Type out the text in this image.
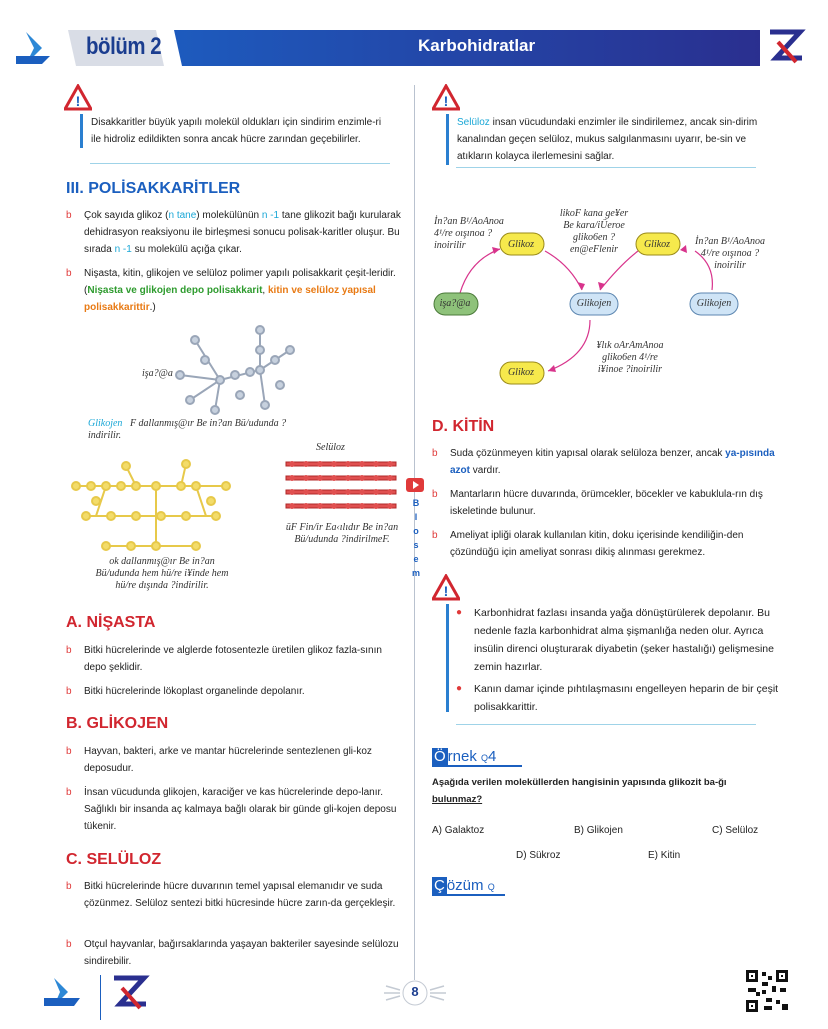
bölüm 2	Karbohidratlar
!
Disakkaritler büyük yapılı molekül oldukları için sindirim enzimle-ri ile hidroliz edildikten sonra ancak hücre zarından geçebilirler.
III. POLİSAKKARİTLER
b Çok sayıda glikoz (n tane) molekülünün n -1 tane glikozit bağı kurularak dehidrasyon reaksiyonu ile birleşmesi sonucu polisak-karitler oluşur. Bu sırada n -1 su molekülü açığa çıkar.
b Nişasta, kitin, glikojen ve selüloz polimer yapılı polisakkarit çeşit-leridir. (Nişasta ve glikojen depo polisakkarit, kitin ve selüloz yapısal polisakkarittir.)
işa?@a
Glikojen F dallanmış@ır Be in?an Bü/udunda ?indirilir.
ok dallanmış@ır Be in?an Bü/udunda hem hü/re i¥inde hem hü/re dışında ?indirilir.
Selüloz
üF Fin/ir Ea‹ılıdır Be in?an Bü/udunda ?indirilmeF.
A. NİŞASTA
b Bitki hücrelerinde ve alglerde fotosentezle üretilen glikoz fazla-sının depo şeklidir.
b Bitki hücrelerinde lökoplast organelinde depolanır.
B. GLİKOJEN
b Hayvan, bakteri, arke ve mantar hücrelerinde sentezlenen gli-koz deposudur.
b İnsan vücudunda glikojen, karaciğer ve kas hücrelerinde depo-lanır. Sağlıklı bir insanda aç kalmaya bağlı olarak bir günde gli-kojen deposu tükenir.
C. SELÜLOZ
b Bitki hücrelerinde hücre duvarının temel yapısal elemanıdır ve suda çözünmez. Selüloz sentezi bitki hücresinde hücre zarın-da gerçekleşir.
b Otçul hayvanlar, bağırsaklarında yaşayan bakteriler sayesinde selülozu sindirebilir.
B
l
o
s
e
m
!
Selüloz insan vücudundaki enzimler ile sindirilemez, ancak sin-dirim kanalından geçen selüloz, mukus salgılanmasını uyarır, be-sin ve atıkların kolayca ilerlemesini sağlar.
Glikoz	Glikoz
işa?@a	Glikojen	Glikojen
Glikoz
İn?an B¹/AoAnoa 4¹/re oışınoa ?inoirilir
likoF kana ge¥er Be kara/iÜeroe gliko6en ?en@eFlenir
İn?an B¹/AoAnoa 4¹/re oışınoa ?inoirilir
¥lık oArAmAnoa gliko6en 4¹/re i¥inoe ?inoirilir
D. KİTİN
b Suda çözünmeyen kitin yapısal olarak selüloza benzer, ancak ya-pısında azot vardır.
b Mantarların hücre duvarında, örümcekler, böcekler ve kabuklula-rın dış iskeletinde bulunur.
b Ameliyat ipliği olarak kullanılan kitin, doku içerisinde kendiliğin-den çözündüğü için ameliyat sonrası dikiş alınması gerekmez.
!
● Karbonhidrat fazlası insanda yağa dönüştürülerek depolanır. Bu nedenle fazla karbonhidrat alma şişmanlığa neden olur. Ayrıca insülin direnci oluşturarak diyabetin (şeker hastalığı) gelişmesine zemin hazırlar.
● Kanın damar içinde pıhtılaşmasını engelleyen heparin de bir çeşit polisakkarittir.
Ö rnek Q4
Aşağıda verilen moleküllerden hangisinin yapısında glikozit ba-ğı
bulunmaz?
A) Galaktoz	B) Glikojen	C) Selüloz
D) Sükroz	E) Kitin
Ç özüm Q
8
